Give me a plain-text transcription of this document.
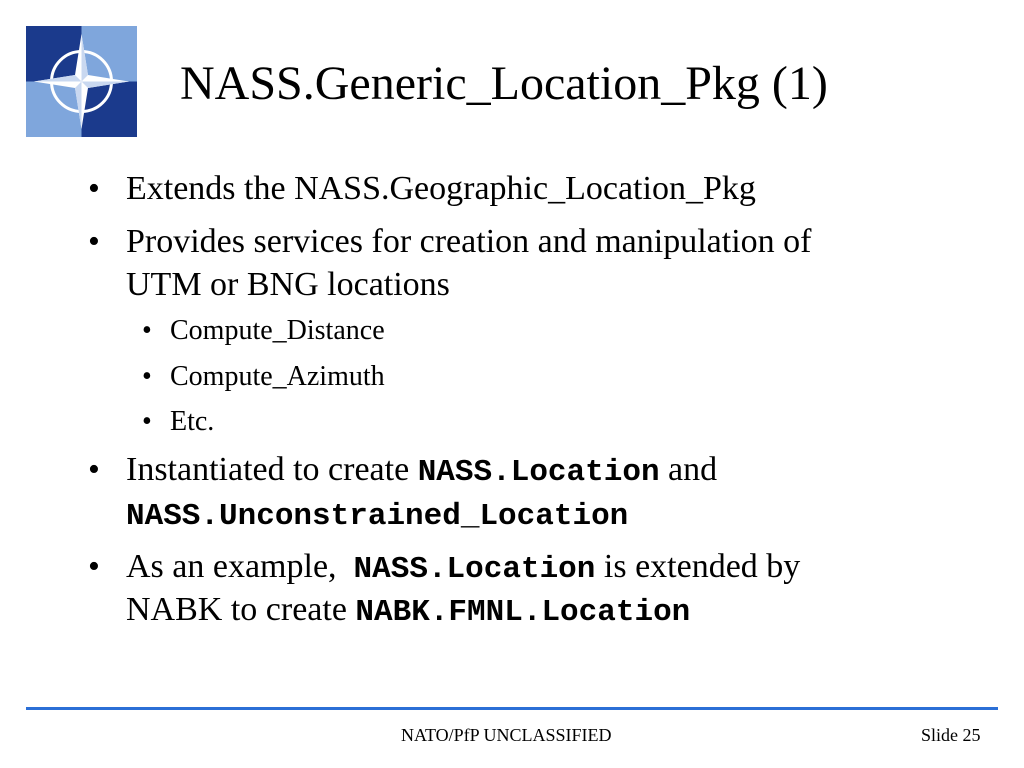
NASS.Generic_Location_Pkg (1)
• Extends the NASS.Geographic_Location_Pkg
• Provides services for creation and manipulation of
UTM or BNG locations
• Compute_Distance
• Compute_Azimuth
• Etc.
• Instantiated to create NASS.Location and
NASS.Unconstrained_Location
• As an example,  NASS.Location is extended by
NABK to create NABK.FMNL.Location
NATO/PfP UNCLASSIFIED	Slide 25
